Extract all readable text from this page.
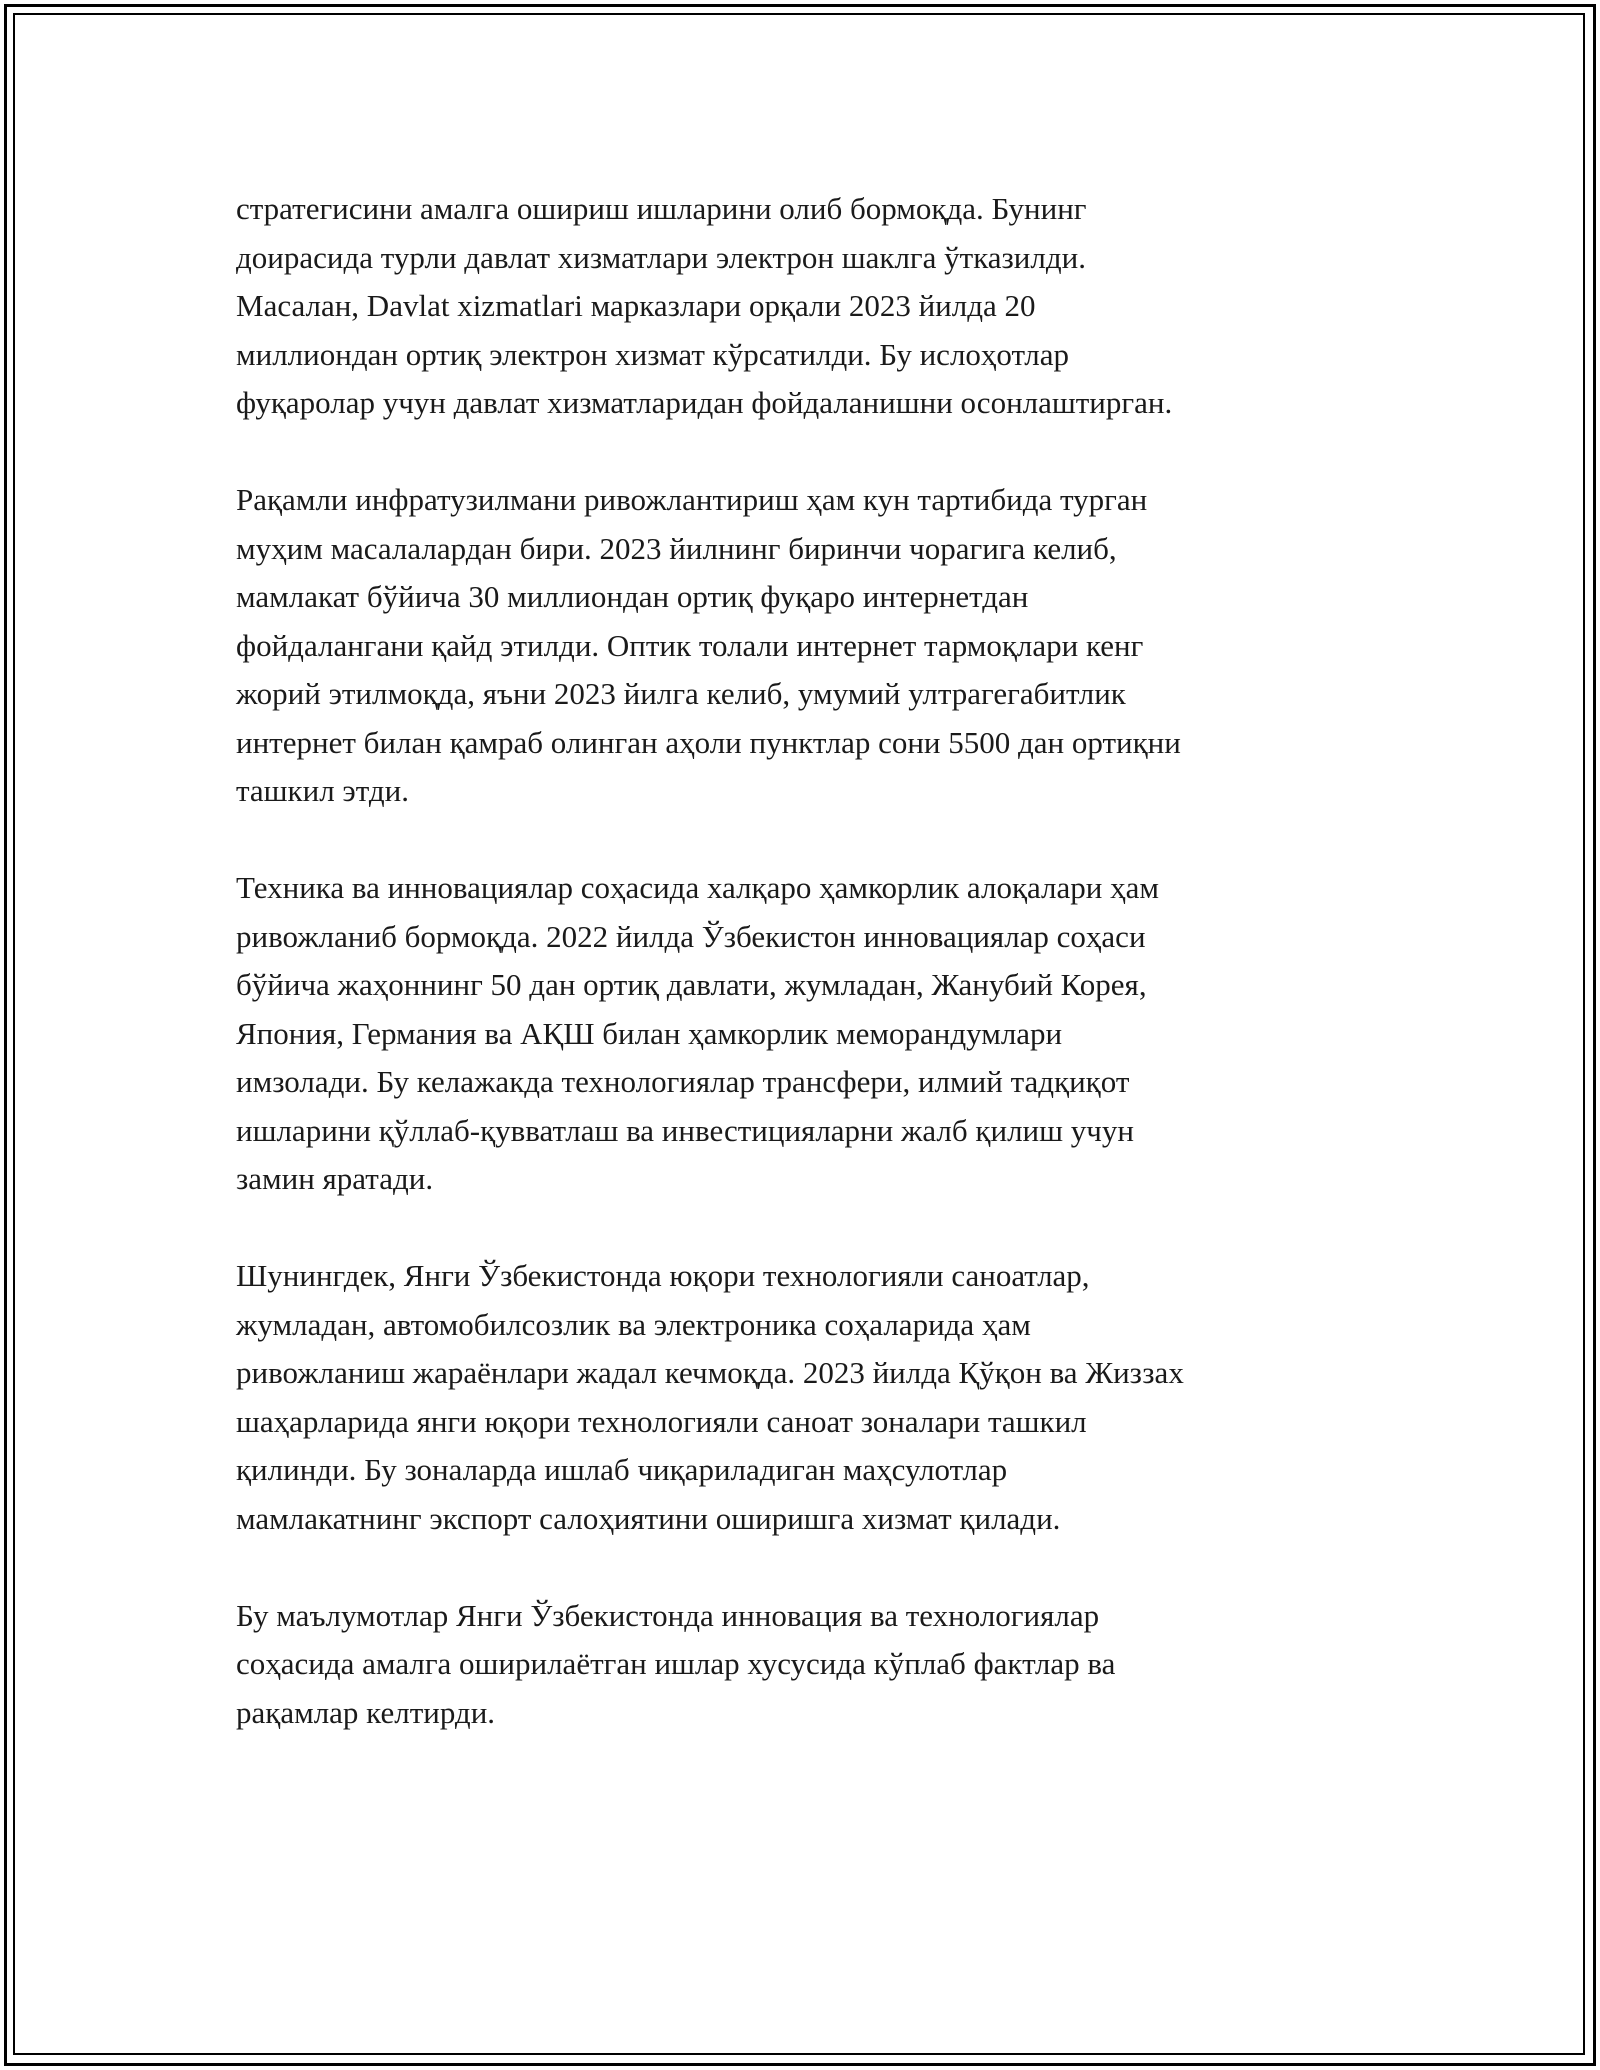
стратегисини амалга ошириш ишларини олиб бормоқда. Бунинг
доирасида турли давлат хизматлари электрон шаклга ўтказилди.
Масалан, Davlat xizmatlari марказлари орқали 2023 йилда 20
миллиондан ортиқ электрон хизмат кўрсатилди. Бу ислоҳотлар
фуқаролар учун давлат хизматларидан фойдаланишни осонлаштирган.

Рақамли инфратузилмани ривожлантириш ҳам кун тартибида турган
муҳим масалалардан бири. 2023 йилнинг биринчи чорагига келиб,
мамлакат бўйича 30 миллиондан ортиқ фуқаро интернетдан
фойдалангани қайд этилди. Оптик толали интернет тармоқлари кенг
жорий этилмоқда, яъни 2023 йилга келиб, умумий ултрагегабитлик
интернет билан қамраб олинган аҳоли пунктлар сони 5500 дан ортиқни
ташкил этди.

Техника ва инновациялар соҳасида халқаро ҳамкорлик алоқалари ҳам
ривожланиб бормоқда. 2022 йилда Ўзбекистон инновациялар соҳаси
бўйича жаҳоннинг 50 дан ортиқ давлати, жумладан, Жанубий Корея,
Япония, Германия ва АҚШ билан ҳамкорлик меморандумлари
имзолади. Бу келажакда технологиялар трансфери, илмий тадқиқот
ишларини қўллаб-қувватлаш ва инвестицияларни жалб қилиш учун
замин яратади.

Шунингдек, Янги Ўзбекистонда юқори технологияли саноатлар,
жумладан, автомобилсозлик ва электроника соҳаларида ҳам
ривожланиш жараёнлари жадал кечмоқда. 2023 йилда Қўқон ва Жиззах
шаҳарларида янги юқори технологияли саноат зоналари ташкил
қилинди. Бу зоналарда ишлаб чиқариладиган маҳсулотлар
мамлакатнинг экспорт салоҳиятини оширишга хизмат қилади.

Бу маълумотлар Янги Ўзбекистонда инновация ва технологиялар
соҳасида амалга оширилаётган ишлар хусусида кўплаб фактлар ва
рақамлар келтирди.
